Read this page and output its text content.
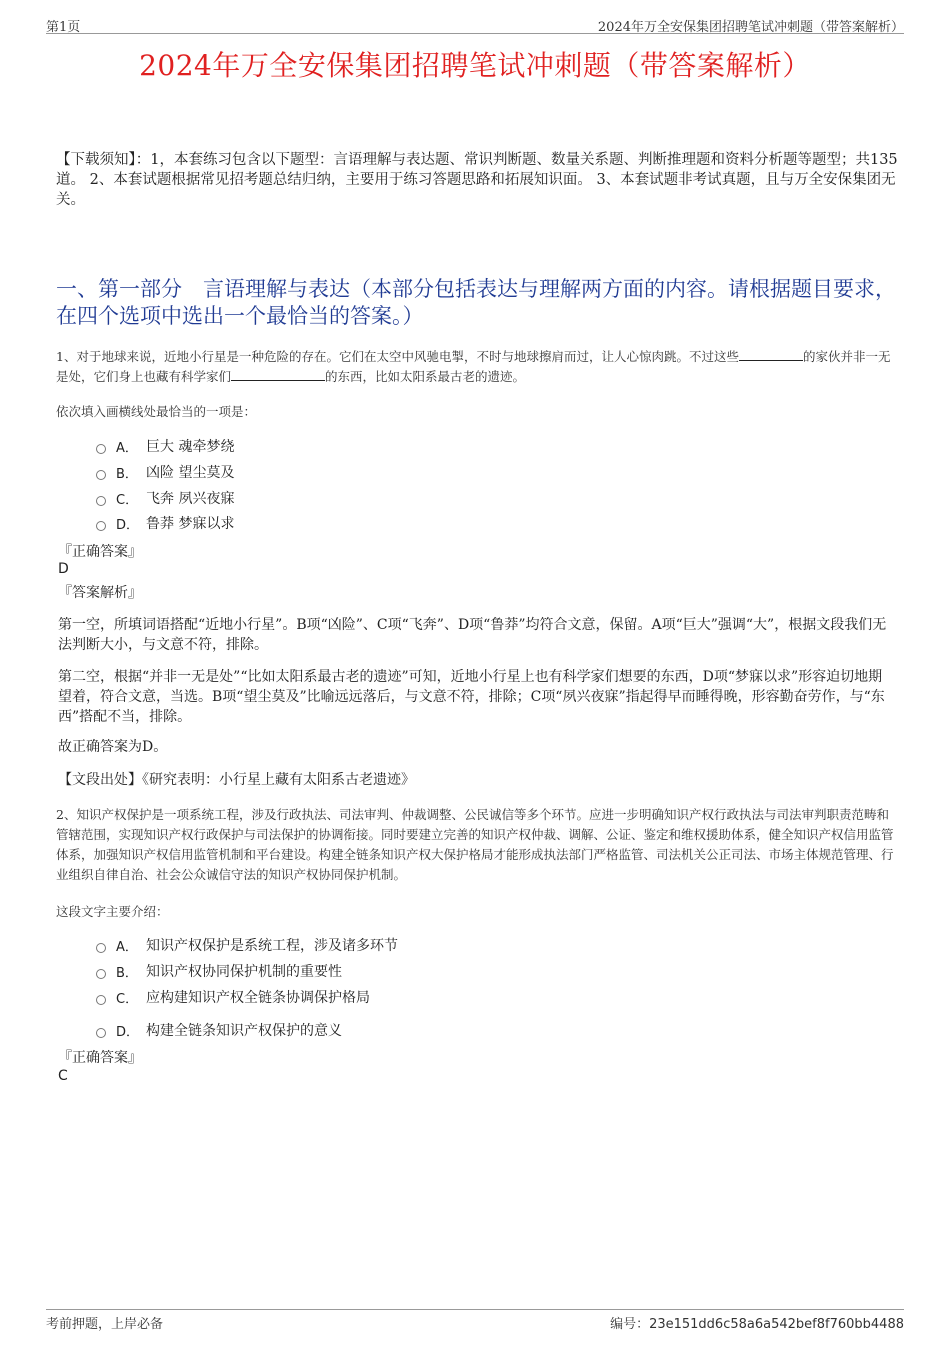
第1页	2024年万全安保集团招聘笔试冲刺题（带答案解析）
2024年万全安保集团招聘笔试冲刺题（带答案解析）
【下载须知】：1，本套练习包含以下题型：言语理解与表达题、常识判断题、数量关系题、判断推理题和资料分析题等题型；共135道。 2、本套试题根据常见招考题总结归纳，主要用于练习答题思路和拓展知识面。 3、本套试题非考试真题，且与万全安保集团无关。
一、第一部分　言语理解与表达（本部分包括表达与理解两方面的内容。请根据题目要求，在四个选项中选出一个最恰当的答案。）
1、对于地球来说，近地小行星是一种危险的存在。它们在太空中风驰电掣，不时与地球擦肩而过，让人心惊肉跳。不过这些	的家伙并非一无是处，它们身上也藏有科学家们	的东西，比如太阳系最古老的遗迹。
依次填入画横线处最恰当的一项是：
A． 巨大 魂牵梦绕
B． 凶险 望尘莫及
C． 飞奔 夙兴夜寐
D． 鲁莽 梦寐以求
『正确答案』
D
『答案解析』
第一空，所填词语搭配“近地小行星”。B项“凶险”、C项“飞奔”、D项“鲁莽”均符合文意，保留。A项“巨大”强调“大”，根据文段我们无法判断大小，与文意不符，排除。
第二空，根据“并非一无是处”“比如太阳系最古老的遗迹”可知，近地小行星上也有科学家们想要的东西，D项“梦寐以求”形容迫切地期望着，符合文意，当选。B项“望尘莫及”比喻远远落后，与文意不符，排除；C项“夙兴夜寐”指起得早而睡得晚，形容勤奋劳作，与“东西”搭配不当，排除。
故正确答案为D。
【文段出处】《研究表明：小行星上藏有太阳系古老遗迹》
2、知识产权保护是一项系统工程，涉及行政执法、司法审判、仲裁调整、公民诚信等多个环节。应进一步明确知识产权行政执法与司法审判职责范畴和管辖范围，实现知识产权行政保护与司法保护的协调衔接。同时要建立完善的知识产权仲裁、调解、公证、鉴定和维权援助体系，健全知识产权信用监管体系，加强知识产权信用监管机制和平台建设。构建全链条知识产权大保护格局才能形成执法部门严格监管、司法机关公正司法、市场主体规范管理、行业组织自律自治、社会公众诚信守法的知识产权协同保护机制。
这段文字主要介绍：
A． 知识产权保护是系统工程，涉及诸多环节
B． 知识产权协同保护机制的重要性
C． 应构建知识产权全链条协调保护格局
D． 构建全链条知识产权保护的意义
『正确答案』
C
考前押题，上岸必备	编号：23e151dd6c58a6a542bef8f760bb4488
